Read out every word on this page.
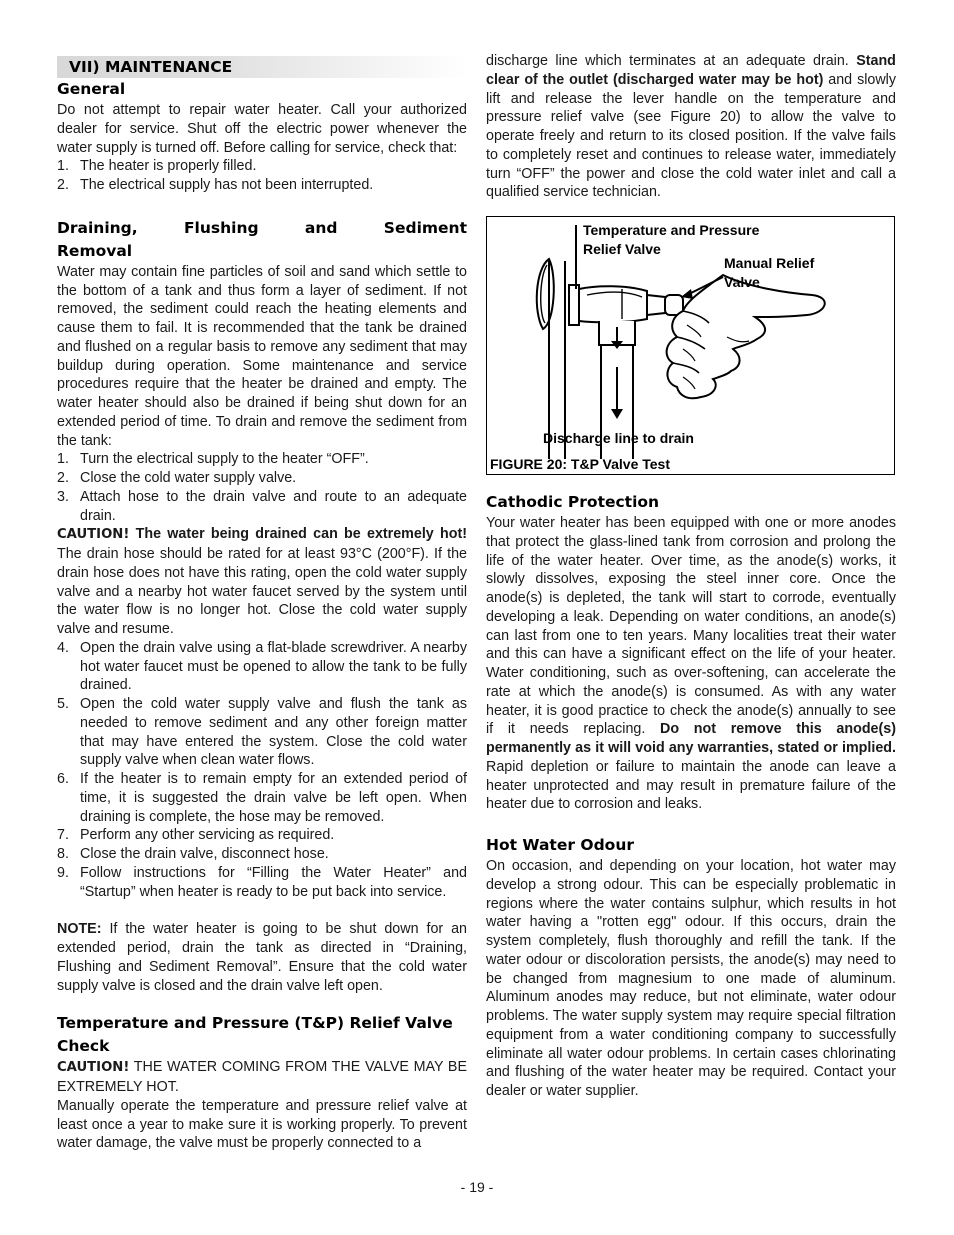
VII) MAINTENANCE
General

Do not attempt to repair water heater. Call your authorized dealer for service. Shut off the electric power whenever the water supply is turned off. Before calling for service, check that:

1. The heater is properly filled.
2. The electrical supply has not been interrupted.
Draining, Flushing and Sediment
Removal

Water may contain fine particles of soil and sand which settle to the bottom of a tank and thus form a layer of sediment. If not removed, the sediment could reach the heating elements and cause them to fail. It is recommended that the tank be drained and flushed on a regular basis to remove any sediment that may buildup during operation. Some maintenance and service procedures require that the heater be drained and empty. The water heater should also be drained if being shut down for an extended period of time. To drain and remove the sediment from the tank:

1. Turn the electrical supply to the heater “OFF”.
2. Close the cold water supply valve.
3. Attach hose to the drain valve and route to an adequate drain.

CAUTION! The water being drained can be extremely hot! The drain hose should be rated for at least 93°C (200°F). If the drain hose does not have this rating, open the cold water supply valve and a nearby hot water faucet served by the system until the water flow is no longer hot. Close the cold water supply valve and resume.

4. Open the drain valve using a flat-blade screwdriver. A nearby hot water faucet must be opened to allow the tank to be fully drained.
5. Open the cold water supply valve and flush the tank as needed to remove sediment and any other foreign matter that may have entered the system. Close the cold water supply valve when clean water flows.
6. If the heater is to remain empty for an extended period of time, it is suggested the drain valve be left open. When draining is complete, the hose may be removed.
7. Perform any other servicing as required.
8. Close the drain valve, disconnect hose.
9. Follow instructions for “Filling the Water Heater” and “Startup” when heater is ready to be put back into service.

NOTE: If the water heater is going to be shut down for an extended period, drain the tank as directed in “Draining, Flushing and Sediment Removal”. Ensure that the cold water supply valve is closed and the drain valve left open.

Temperature and Pressure (T&P) Relief Valve Check

CAUTION! THE WATER COMING FROM THE VALVE MAY BE EXTREMELY HOT.

Manually operate the temperature and pressure relief valve at least once a year to make sure it is working properly. To prevent water damage, the valve must be properly connected to a

discharge line which terminates at an adequate drain. Stand clear of the outlet (discharged water may be hot) and slowly lift and release the lever handle on the temperature and pressure relief valve (see Figure 20) to allow the valve to operate freely and return to its closed position. If the valve fails to completely reset and continues to release water, immediately turn “OFF” the power and close the cold water inlet and call a qualified service technician.

Temperature and Pressure
Relief Valve
Manual Relief
Valve
Discharge line to drain
FIGURE 20: T&P Valve Test
Cathodic Protection

Your water heater has been equipped with one or more anodes that protect the glass-lined tank from corrosion and prolong the life of the water heater. Over time, as the anode(s) works, it slowly dissolves, exposing the steel inner core. Once the anode(s) is depleted, the tank will start to corrode, eventually developing a leak. Depending on water conditions, an anode(s) can last from one to ten years. Many localities treat their water and this can have a significant effect on the life of your heater. Water conditioning, such as over-softening, can accelerate the rate at which the anode(s) is consumed. As with any water heater, it is good practice to check the anode(s) annually to see if it needs replacing. Do not remove this anode(s) permanently as it will void any warranties, stated or implied. Rapid depletion or failure to maintain the anode can leave a heater unprotected and may result in premature failure of the heater due to corrosion and leaks.

Hot Water Odour

On occasion, and depending on your location, hot water may develop a strong odour. This can be especially problematic in regions where the water contains sulphur, which results in hot water having a "rotten egg" odour. If this occurs, drain the system completely, flush thoroughly and refill the tank. If the water odour or discoloration persists, the anode(s) may need to be changed from magnesium to one made of aluminum. Aluminum anodes may reduce, but not eliminate, water odour problems. The water supply system may require special filtration equipment from a water conditioning company to successfully eliminate all water odour problems. In certain cases chlorinating and flushing of the water heater may be required. Contact your dealer or water supplier.

- 19 -
